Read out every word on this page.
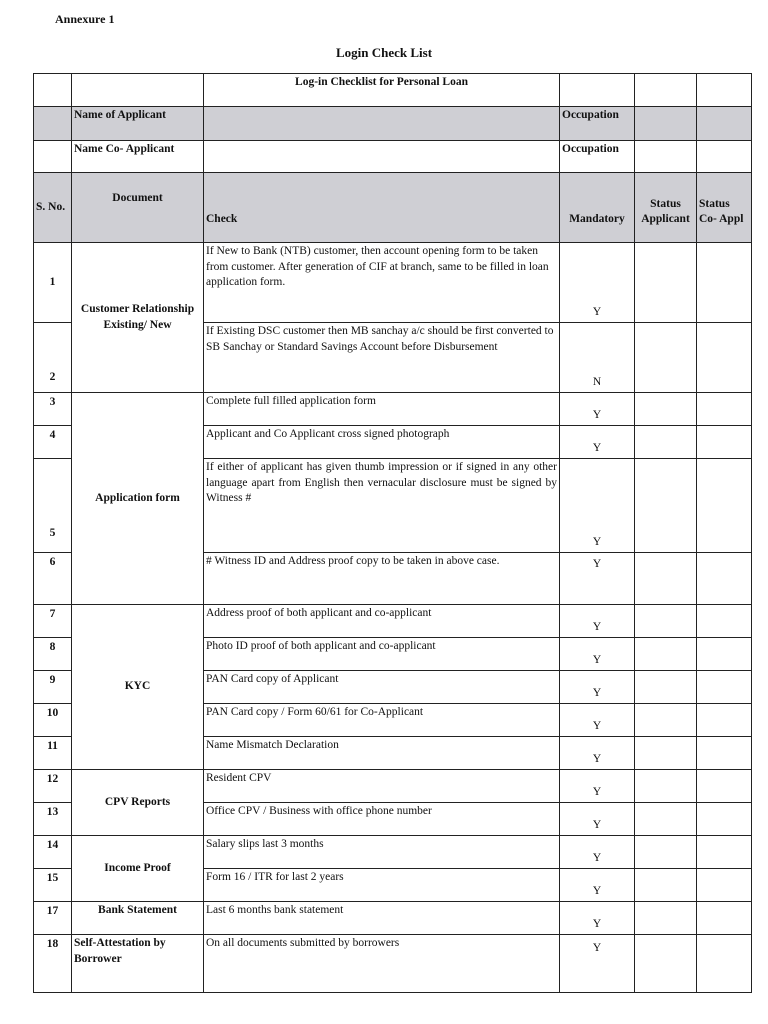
Annexure 1
Login Check List
		Log-in Checklist for Personal Loan			
	Name of Applicant		Occupation		
	Name Co- Applicant		Occupation		
S. No.	Document	Check	Mandatory	Status Applicant	Status Co- Appl
1	Customer Relationship Existing/ New	If New to Bank (NTB) customer, then account opening form to be taken from customer. After generation of CIF at branch, same to be filled in loan application form.	Y		
2		If Existing DSC customer then MB sanchay a/c should be first converted to SB Sanchay or Standard Savings Account before Disbursement	N		
3	Application form	Complete full filled application form	Y		
4		Applicant and Co Applicant cross signed photograph	Y		
5		If either of applicant has given thumb impression or if signed in any other language apart from English then vernacular disclosure must be signed by Witness #	Y		
6		# Witness ID and Address proof copy to be taken in above case.	Y		
7	KYC	Address proof of both applicant and co-applicant	Y		
8		Photo ID proof of both applicant and co-applicant	Y		
9		PAN Card copy of Applicant	Y		
10		PAN Card copy / Form 60/61 for Co-Applicant	Y		
11		Name Mismatch Declaration	Y		
12	CPV Reports	Resident CPV	Y		
13		Office CPV / Business with office phone number	Y		
14	Income Proof	Salary slips last 3 months	Y		
15		Form 16 / ITR for last 2 years	Y		
17	Bank Statement	Last 6 months bank statement	Y		
18	Self-Attestation by Borrower	On all documents submitted by borrowers	Y		
